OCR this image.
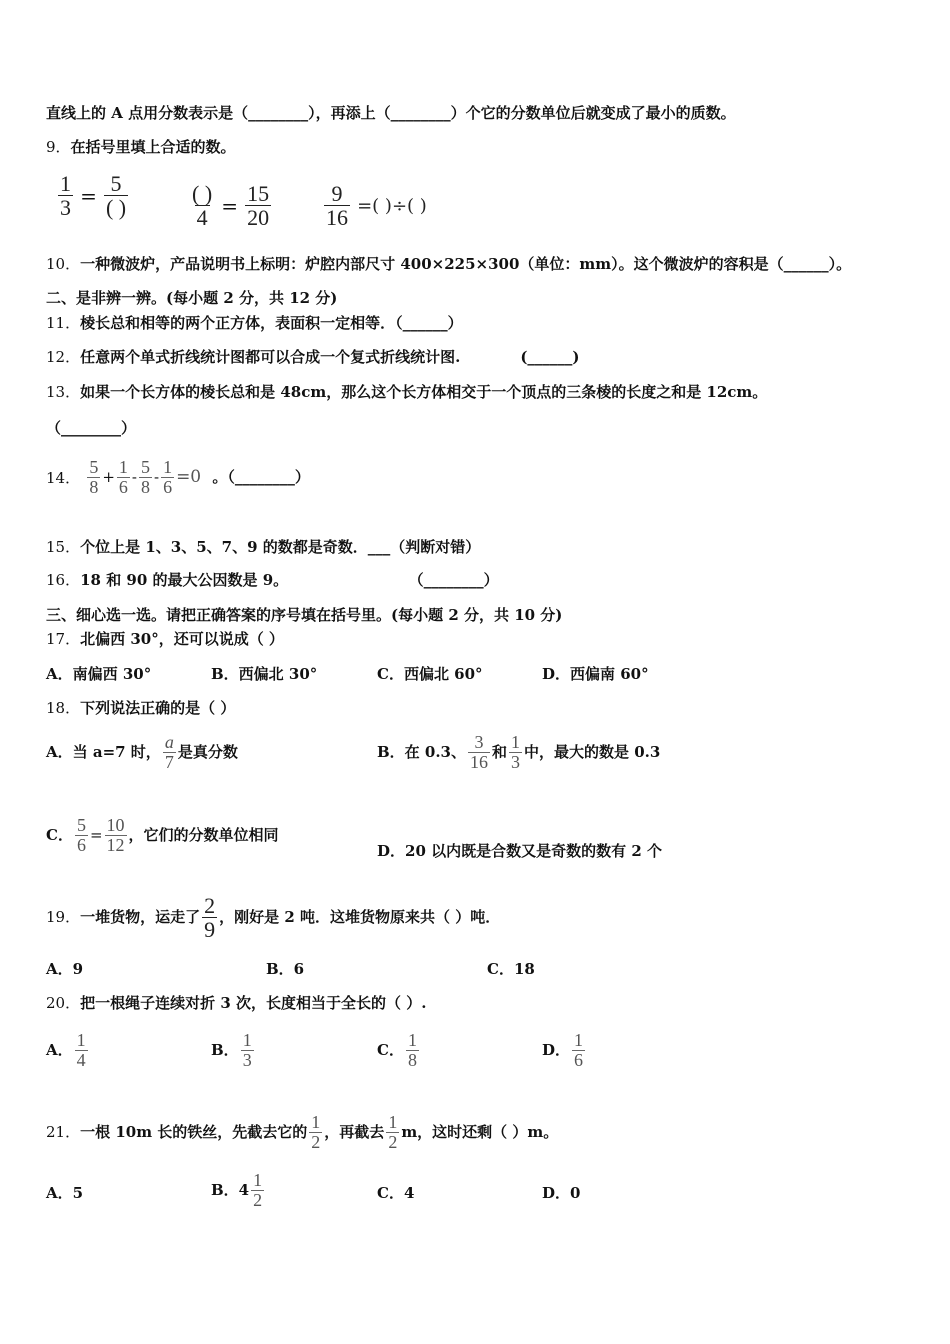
直线上的 A 点用分数表示是（________），再添上（________）个它的分数单位后就变成了最小的质数。
9．在括号里填上合适的数。
$\frac{1}{3} = \frac{5}{( )}$	$\frac{( )}{4} = \frac{15}{20} \frac{9}{16}$ =( )÷( )
10．一种微波炉，产品说明书上标明：炉腔内部尺寸 400×225×300（单位：mm）。这个微波炉的容积是（______）。
二、是非辨一辨。(每小题 2 分，共 12 分)
11．棱长总和相等的两个正方体，表面积一定相等．（______）
12．任意两个单式折线统计图都可以合成一个复式折线统计图.	(______)
13．如果一个长方体的棱长总和是 48cm，那么这个长方体相交于一个顶点的三条棱的长度之和是 12cm。
（________）
14． $\frac{5}{8} + \frac{1}{6} - \frac{5}{8} - \frac{1}{6} =0$ 。（________）
15．个位上是 1、3、5、7、9 的数都是奇数．___（判断对错）
16．18 和 90 的最大公因数是 9。	（________）
三、细心选一选。请把正确答案的序号填在括号里。(每小题 2 分，共 10 分)
17．北偏西 30°，还可以说成（ ）
A．南偏西 30°	B．西偏北 30°	C．西偏北 60°	D．西偏南 60°
18．下列说法正确的是（ ）
A．当 a=7 时， $\frac{a}{7}$ 是真分数	B．在 0.3、 $\frac{3}{16}$ 和 $\frac{1}{3}$ 中，最大的数是 0.3
C． $\frac{5}{6} = \frac{10}{12}$ ，它们的分数单位相同
D．20 以内既是合数又是奇数的数有 2 个
19．一堆货物，运走了 $\frac{2}{9}$ ，刚好是 2 吨．这堆货物原来共（ ）吨．
A．9	B．6	C．18
20．把一根绳子连续对折 3 次，长度相当于全长的（ ）.
A． $\frac{1}{4}$	B． $\frac{1}{3}$	C． $\frac{1}{8}$	D． $\frac{1}{6}$
21．一根 10m 长的铁丝，先截去它的 $\frac{1}{2}$ ，再截去 $\frac{1}{2}$ m，这时还剩（ ）m。
A．5	B．$4 \frac{1}{2}$	C．4	D．0
